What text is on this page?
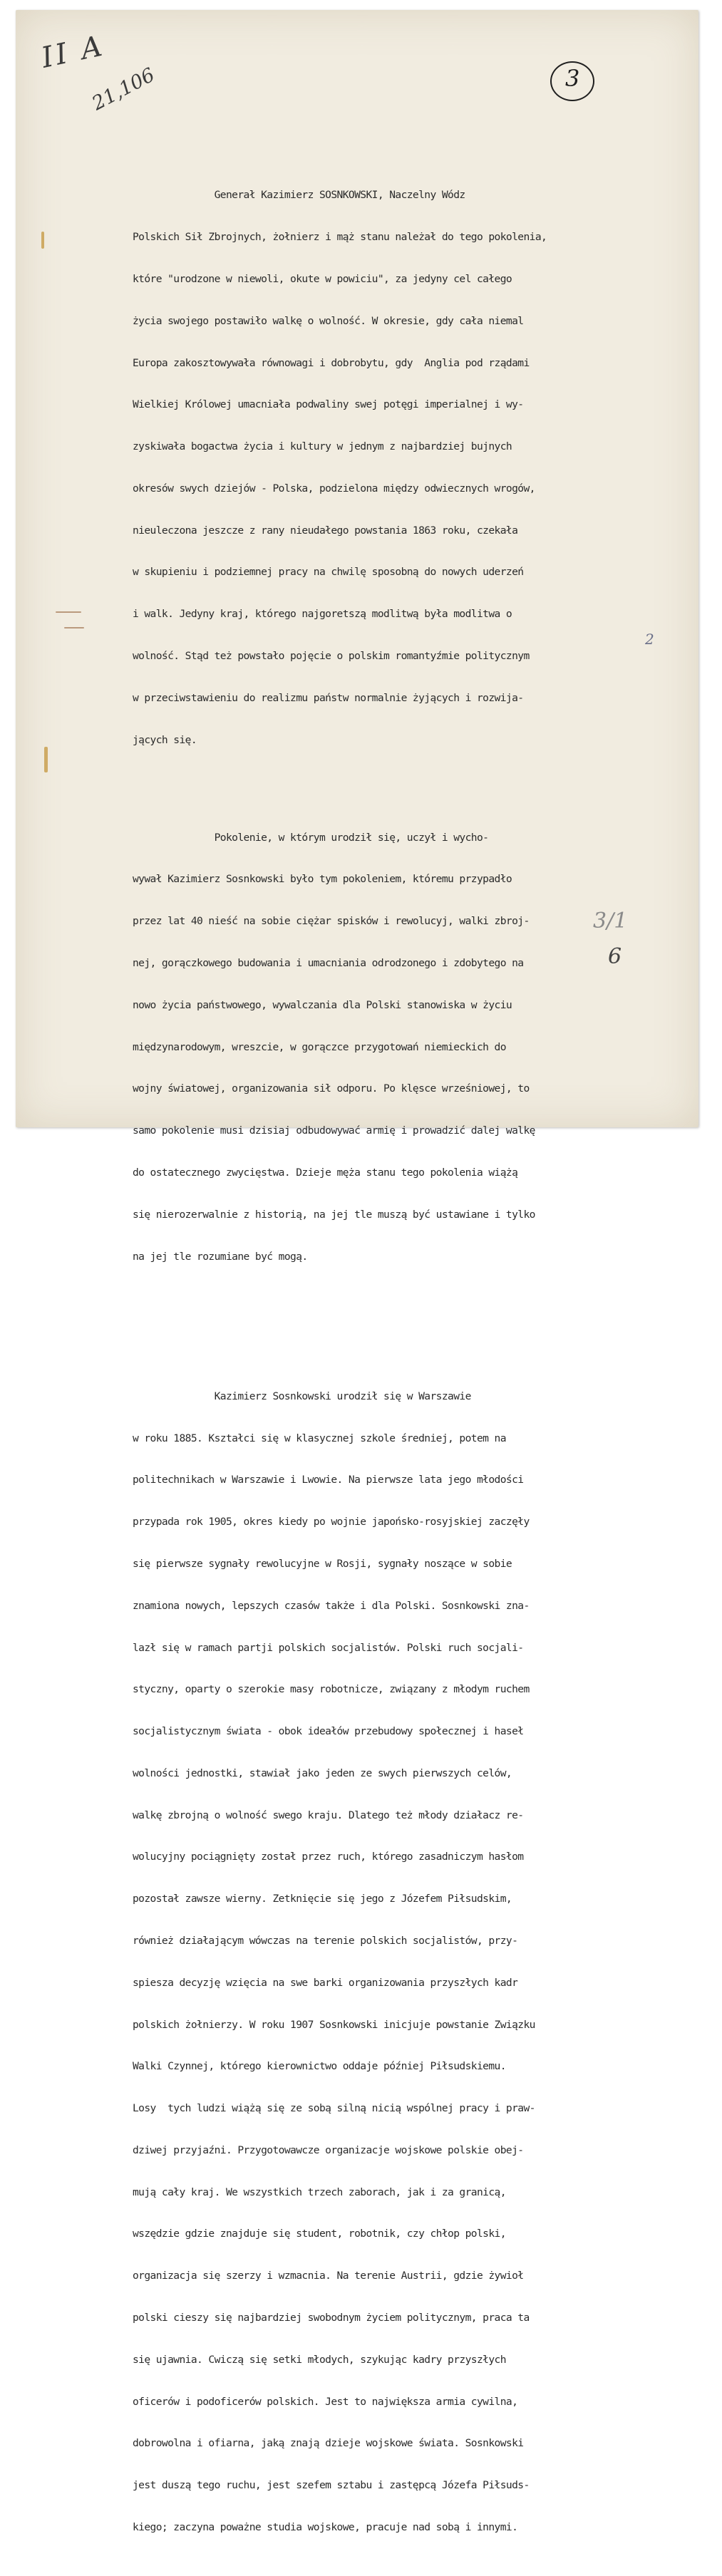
II A
21,106	3
2
3/1
6

Generał Kazimierz SOSNKOWSKI, Naczelny Wódz

Polskich Sił Zbrojnych, żołnierz i mąż stanu należał do tego pokolenia,

które "urodzone w niewoli, okute w powiciu", za jedyny cel całego

życia swojego postawiło walkę o wolność. W okresie, gdy cała niemal

Europa zakosztowywała równowagi i dobrobytu, gdy  Anglia pod rządami

Wielkiej Królowej umacniała podwaliny swej potęgi imperialnej i wy-

zyskiwała bogactwa życia i kultury w jednym z najbardziej bujnych

okresów swych dziejów - Polska, podzielona między odwiecznych wrogów,

nieuleczona jeszcze z rany nieudałego powstania 1863 roku, czekała

w skupieniu i podziemnej pracy na chwilę sposobną do nowych uderzeń

i walk. Jedyny kraj, którego najgoretszą modlitwą była modlitwa o

wolność. Stąd też powstało pojęcie o polskim romantyźmie politycznym

w przeciwstawieniu do realizmu państw normalnie żyjących i rozwija-

jących się.

Pokolenie, w którym urodził się, uczył i wycho-

wywał Kazimierz Sosnkowski było tym pokoleniem, któremu przypadło

przez lat 40 nieść na sobie ciężar spisków i rewolucyj, walki zbroj-

nej, gorączkowego budowania i umacniania odrodzonego i zdobytego na

nowo życia państwowego, wywalczania dla Polski stanowiska w życiu

międzynarodowym, wreszcie, w gorączce przygotowań niemieckich do

wojny światowej, organizowania sił odporu. Po klęsce wrześniowej, to

samo pokolenie musi dzisiaj odbudowywać armię i prowadzić dalej walkę

do ostatecznego zwycięstwa. Dzieje męża stanu tego pokolenia wiążą

się nierozerwalnie z historią, na jej tle muszą być ustawiane i tylko

na jej tle rozumiane być mogą.

Kazimierz Sosnkowski urodził się w Warszawie

w roku 1885. Kształci się w klasycznej szkole średniej, potem na

politechnikach w Warszawie i Lwowie. Na pierwsze lata jego młodości

przypada rok 1905, okres kiedy po wojnie japońsko-rosyjskiej zaczęły

się pierwsze sygnały rewolucyjne w Rosji, sygnały noszące w sobie

znamiona nowych, lepszych czasów także i dla Polski. Sosnkowski zna-

lazł się w ramach partji polskich socjalistów. Polski ruch socjali-

styczny, oparty o szerokie masy robotnicze, związany z młodym ruchem

socjalistycznym świata - obok ideałów przebudowy społecznej i haseł

wolności jednostki, stawiał jako jeden ze swych pierwszych celów,

walkę zbrojną o wolność swego kraju. Dlatego też młody działacz re-

wolucyjny pociągnięty został przez ruch, którego zasadniczym hasłom

pozostał zawsze wierny. Zetknięcie się jego z Józefem Piłsudskim,

również działającym wówczas na terenie polskich socjalistów, przy-

spiesza decyzję wzięcia na swe barki organizowania przyszłych kadr

polskich żołnierzy. W roku 1907 Sosnkowski inicjuje powstanie Związku

Walki Czynnej, którego kierownictwo oddaje później Piłsudskiemu.

Losy  tych ludzi wiążą się ze sobą silną nicią wspólnej pracy i praw-

dziwej przyjaźni. Przygotowawcze organizacje wojskowe polskie obej-

mują cały kraj. We wszystkich trzech zaborach, jak i za granicą,

wszędzie gdzie znajduje się student, robotnik, czy chłop polski,

organizacja się szerzy i wzmacnia. Na terenie Austrii, gdzie żywioł

polski cieszy się najbardziej swobodnym życiem politycznym, praca ta

się ujawnia. Cwiczą się setki młodych, szykując kadry przyszłych

oficerów i podoficerów polskich. Jest to największa armia cywilna,

dobrowolna i ofiarna, jaką znają dzieje wojskowe świata. Sosnkowski

jest duszą tego ruchu, jest szefem sztabu i zastępcą Józefa Piłsuds-

kiego; zaczyna poważne studia wojskowe, pracuje nad sobą i innymi.
